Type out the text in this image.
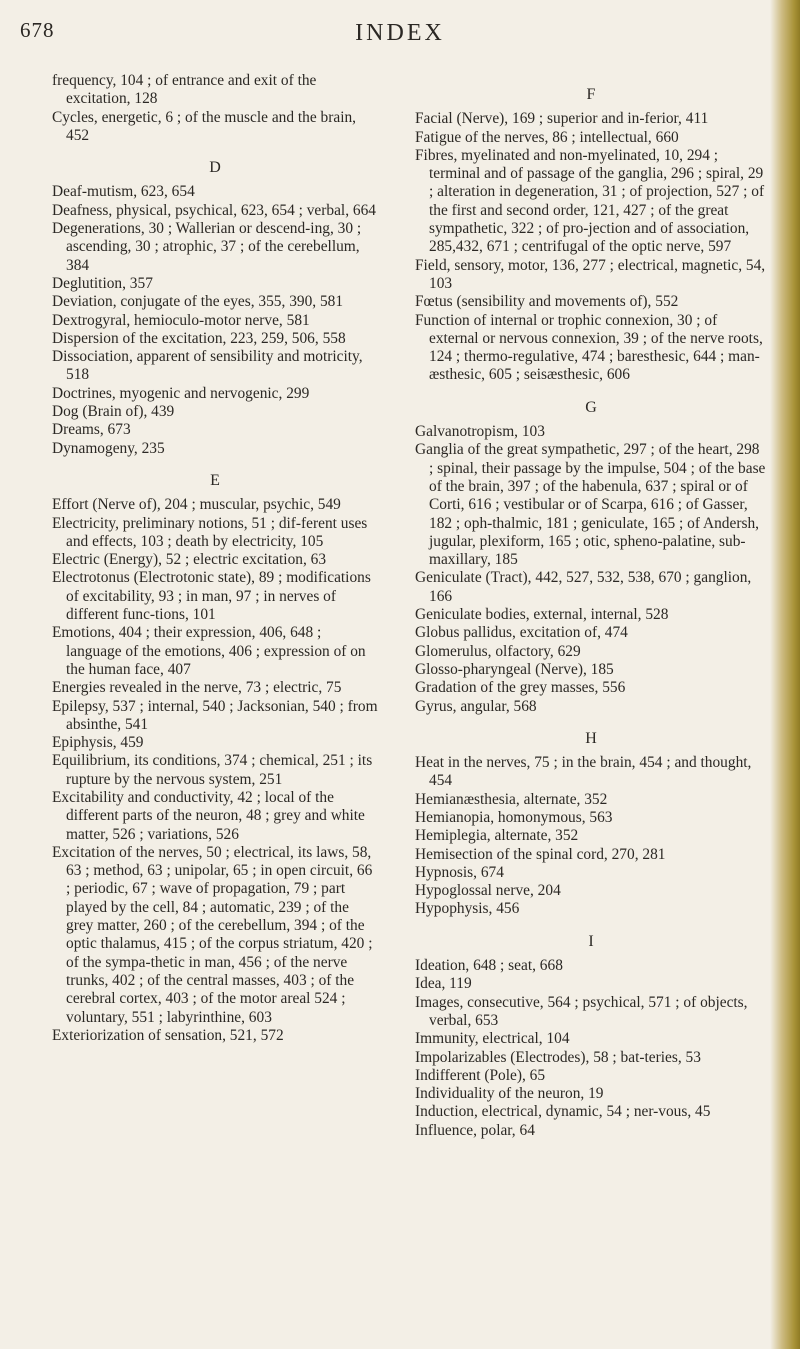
678	INDEX

frequency, 104 ; of entrance and exit of the excitation, 128

Cycles, energetic, 6 ; of the muscle and the brain, 452

D

Deaf-mutism, 623, 654

Deafness, physical, psychical, 623, 654 ; verbal, 664

Degenerations, 30 ; Wallerian or descend-ing, 30 ; ascending, 30 ; atrophic, 37 ; of the cerebellum, 384

Deglutition, 357

Deviation, conjugate of the eyes, 355, 390, 581

Dextrogyral, hemioculo-motor nerve, 581

Dispersion of the excitation, 223, 259, 506, 558

Dissociation, apparent of sensibility and motricity, 518

Doctrines, myogenic and nervogenic, 299

Dog (Brain of), 439

Dreams, 673

Dynamogeny, 235

E

Effort (Nerve of), 204 ; muscular, psychic, 549

Electricity, preliminary notions, 51 ; dif-ferent uses and effects, 103 ; death by electricity, 105

Electric (Energy), 52 ; electric excitation, 63

Electrotonus (Electrotonic state), 89 ; modifications of excitability, 93 ; in man, 97 ; in nerves of different func-tions, 101

Emotions, 404 ; their expression, 406, 648 ; language of the emotions, 406 ; expression of on the human face, 407

Energies revealed in the nerve, 73 ; electric, 75

Epilepsy, 537 ; internal, 540 ; Jacksonian, 540 ; from absinthe, 541

Epiphysis, 459

Equilibrium, its conditions, 374 ; chemical, 251 ; its rupture by the nervous system, 251

Excitability and conductivity, 42 ; local of the different parts of the neuron, 48 ; grey and white matter, 526 ; variations, 526

Excitation of the nerves, 50 ; electrical, its laws, 58, 63 ; method, 63 ; unipolar, 65 ; in open circuit, 66 ; periodic, 67 ; wave of propagation, 79 ; part played by the cell, 84 ; automatic, 239 ; of the grey matter, 260 ; of the cerebellum, 394 ; of the optic thalamus, 415 ; of the corpus striatum, 420 ; of the sympa-thetic in man, 456 ; of the nerve trunks, 402 ; of the central masses, 403 ; of the cerebral cortex, 403 ; of the motor areal 524 ; voluntary, 551 ; labyrinthine, 603

Exteriorization of sensation, 521, 572

F

Facial (Nerve), 169 ; superior and in-ferior, 411

Fatigue of the nerves, 86 ; intellectual, 660

Fibres, myelinated and non-myelinated, 10, 294 ; terminal and of passage of the ganglia, 296 ; spiral, 29 ; alteration in degeneration, 31 ; of projection, 527 ; of the first and second order, 121, 427 ; of the great sympathetic, 322 ; of pro-jection and of association, 285,432, 671 ; centrifugal of the optic nerve, 597

Field, sensory, motor, 136, 277 ; electrical, magnetic, 54, 103

Fœtus (sensibility and movements of), 552

Function of internal or trophic connexion, 30 ; of external or nervous connexion, 39 ; of the nerve roots, 124 ; thermo-regulative, 474 ; baresthesic, 644 ; man-æsthesic, 605 ; seisæsthesic, 606

G

Galvanotropism, 103

Ganglia of the great sympathetic, 297 ; of the heart, 298 ; spinal, their passage by the impulse, 504 ; of the base of the brain, 397 ; of the habenula, 637 ; spiral or of Corti, 616 ; vestibular or of Scarpa, 616 ; of Gasser, 182 ; oph-thalmic, 181 ; geniculate, 165 ; of Andersh, jugular, plexiform, 165 ; otic, spheno-palatine, sub-maxillary, 185

Geniculate (Tract), 442, 527, 532, 538, 670 ; ganglion, 166

Geniculate bodies, external, internal, 528

Globus pallidus, excitation of, 474

Glomerulus, olfactory, 629

Glosso-pharyngeal (Nerve), 185

Gradation of the grey masses, 556

Gyrus, angular, 568

H

Heat in the nerves, 75 ; in the brain, 454 ; and thought, 454

Hemianæsthesia, alternate, 352

Hemianopia, homonymous, 563

Hemiplegia, alternate, 352

Hemisection of the spinal cord, 270, 281

Hypnosis, 674

Hypoglossal nerve, 204

Hypophysis, 456

I

Ideation, 648 ; seat, 668

Idea, 119

Images, consecutive, 564 ; psychical, 571 ; of objects, verbal, 653

Immunity, electrical, 104

Impolarizables (Electrodes), 58 ; bat-teries, 53

Indifferent (Pole), 65

Individuality of the neuron, 19

Induction, electrical, dynamic, 54 ; ner-vous, 45

Influence, polar, 64
